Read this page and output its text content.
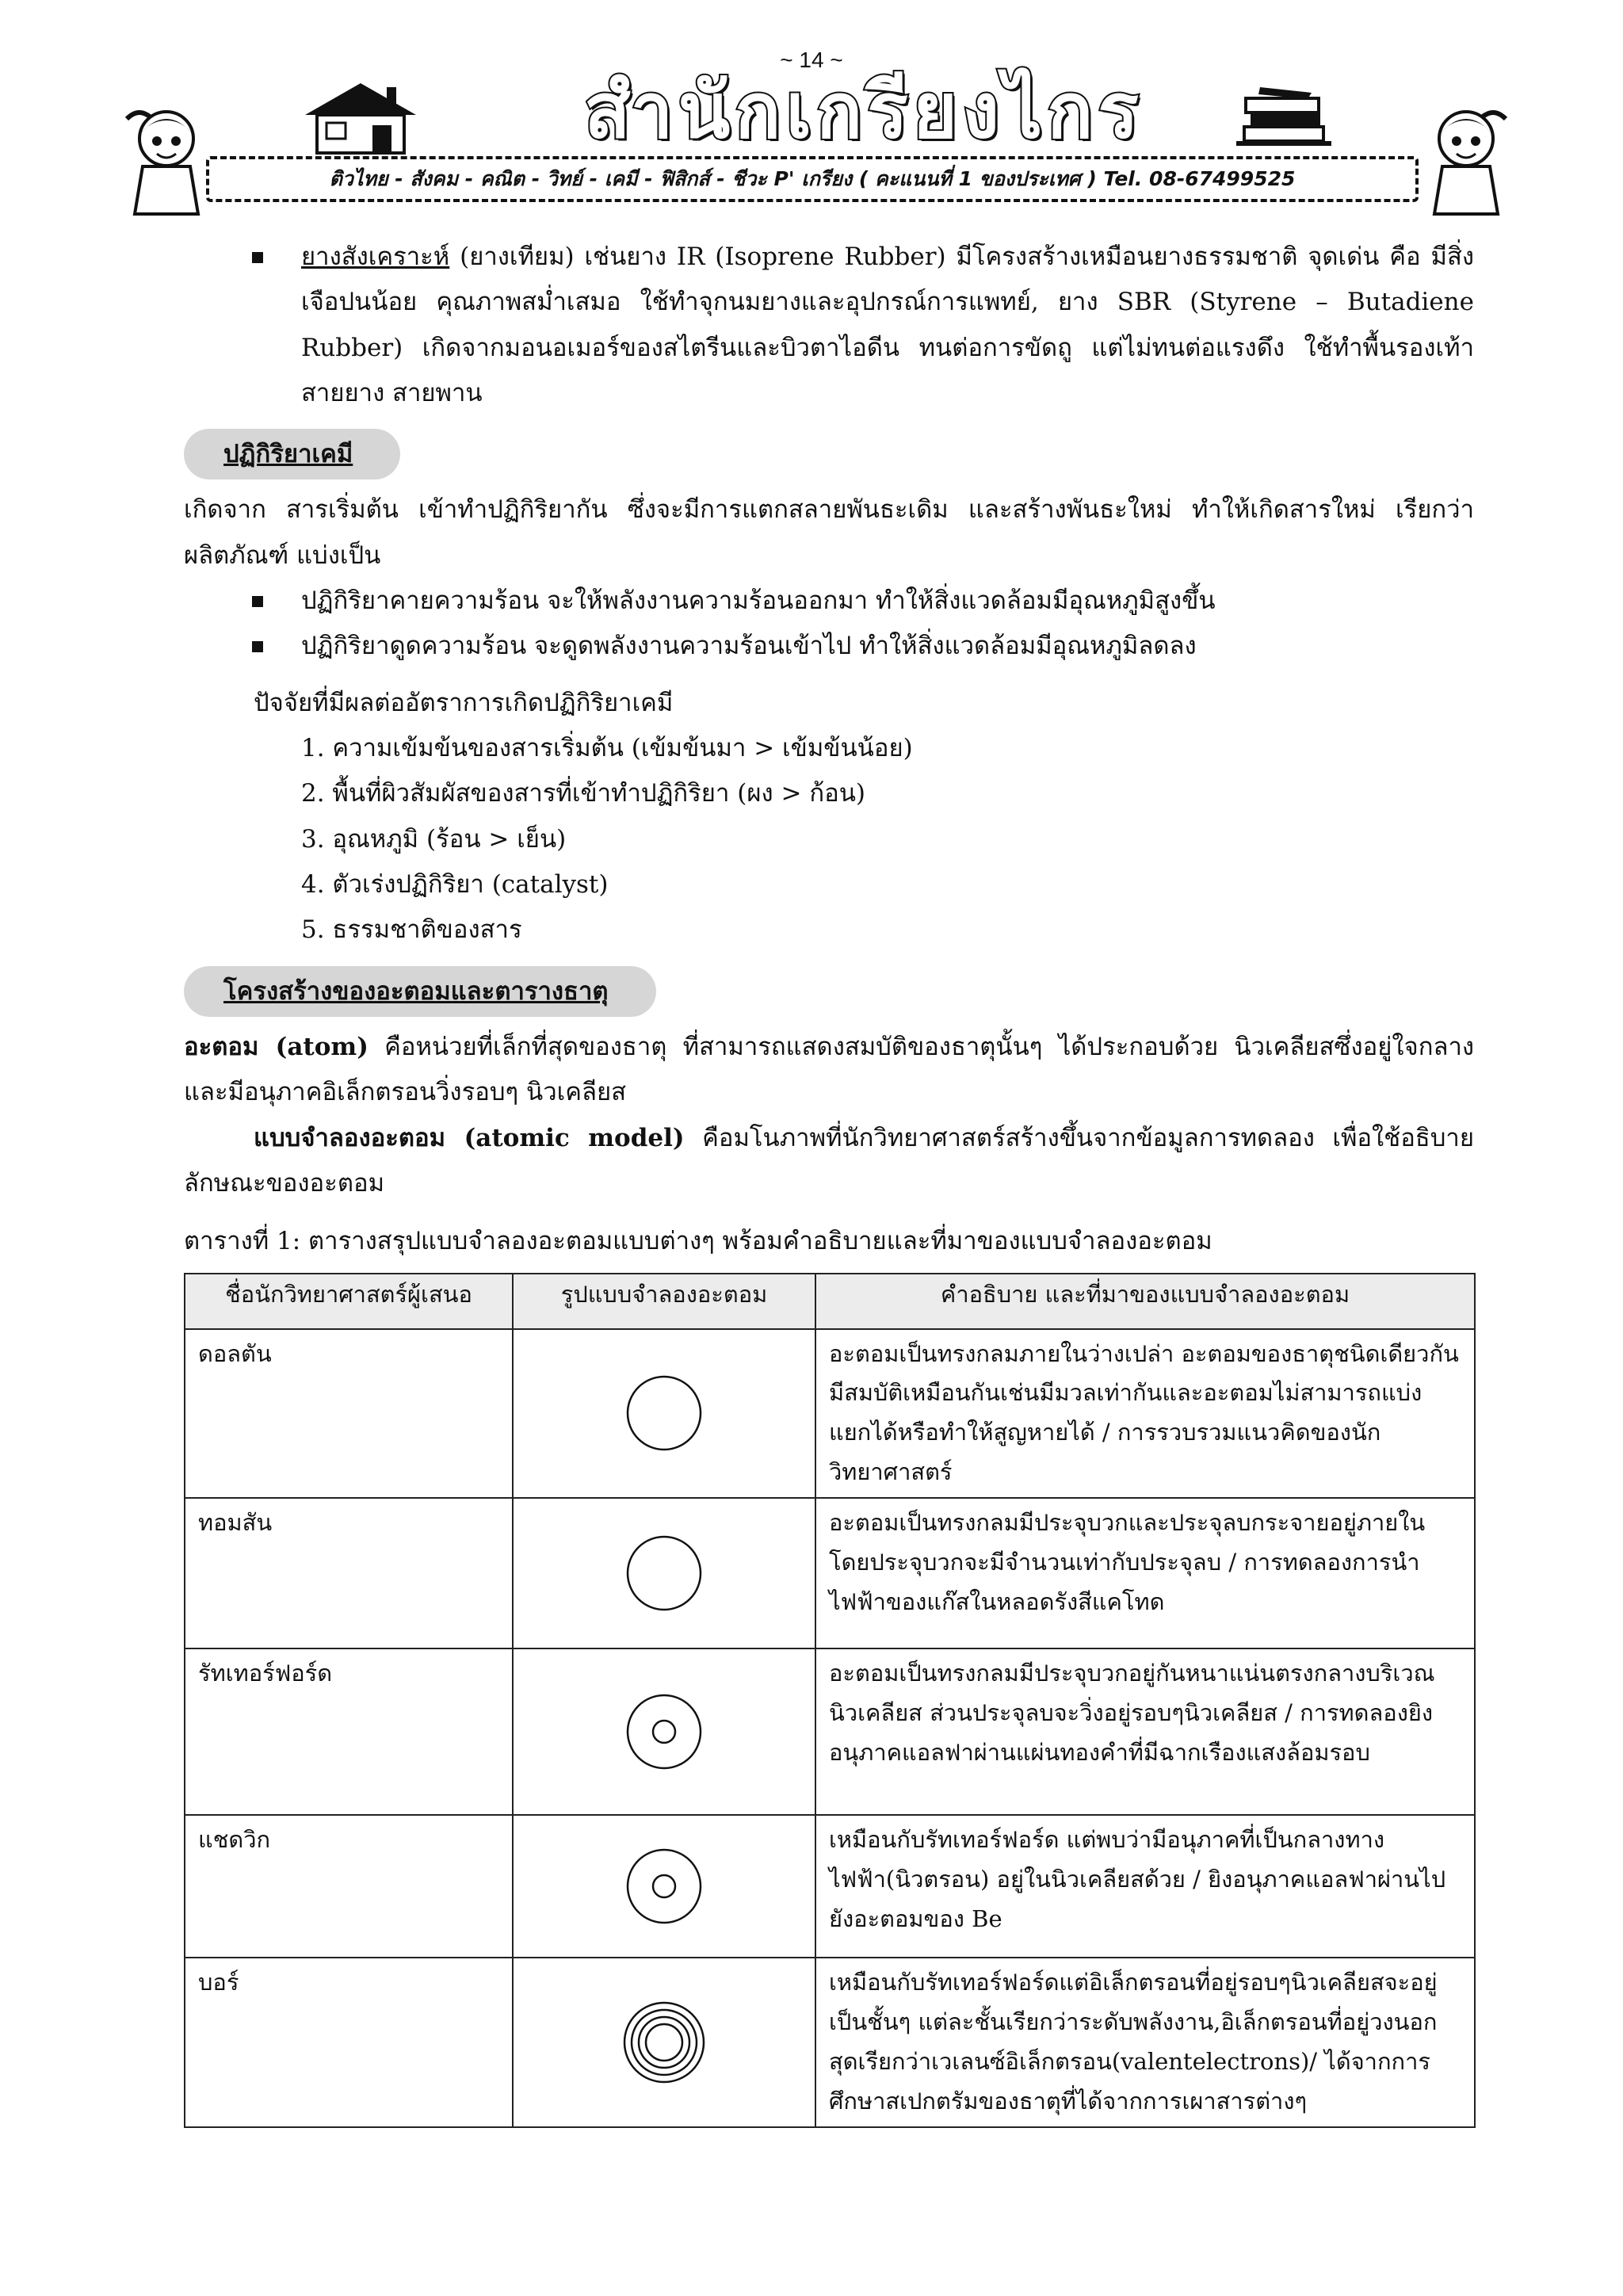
~ 14 ~
สำนักเกรียงไกร
ติวไทย - สังคม - คณิต - วิทย์ - เคมี - ฟิสิกส์ - ชีวะ P' เกรียง ( คะแนนที่ 1 ของประเทศ ) Tel. 08-67499525

ยางสังเคราะห์ (ยางเทียม) เช่นยาง IR (Isoprene Rubber) มีโครงสร้างเหมือนยางธรรมชาติ จุดเด่น คือ มีสิ่งเจือปนน้อย คุณภาพสม่ำเสมอ ใช้ทำจุกนมยางและอุปกรณ์การแพทย์, ยาง SBR (Styrene – Butadiene Rubber) เกิดจากมอนอเมอร์ของสไตรีนและบิวตาไอดีน ทนต่อการขัดถู แต่ไม่ทนต่อแรงดึง ใช้ทำพื้นรองเท้า สายยาง สายพาน

ปฏิกิริยาเคมี

เกิดจาก สารเริ่มต้น เข้าทำปฏิกิริยากัน ซึ่งจะมีการแตกสลายพันธะเดิม และสร้างพันธะใหม่ ทำให้เกิดสารใหม่ เรียกว่า ผลิตภัณฑ์ แบ่งเป็น

ปฏิกิริยาคายความร้อน จะให้พลังงานความร้อนออกมา ทำให้สิ่งแวดล้อมมีอุณหภูมิสูงขึ้น

ปฏิกิริยาดูดความร้อน จะดูดพลังงานความร้อนเข้าไป ทำให้สิ่งแวดล้อมมีอุณหภูมิลดลง

ปัจจัยที่มีผลต่ออัตราการเกิดปฏิกิริยาเคมี

1. ความเข้มข้นของสารเริ่มต้น (เข้มข้นมา > เข้มข้นน้อย)
2. พื้นที่ผิวสัมผัสของสารที่เข้าทำปฏิกิริยา (ผง > ก้อน)
3. อุณหภูมิ (ร้อน > เย็น)
4. ตัวเร่งปฏิกิริยา (catalyst)
5. ธรรมชาติของสาร
โครงสร้างของอะตอมและตารางธาตุ

อะตอม (atom) คือหน่วยที่เล็กที่สุดของธาตุ ที่สามารถแสดงสมบัติของธาตุนั้นๆ ได้ประกอบด้วย นิวเคลียสซึ่งอยู่ใจกลาง และมีอนุภาคอิเล็กตรอนวิ่งรอบๆ นิวเคลียส

แบบจำลองอะตอม (atomic model) คือมโนภาพที่นักวิทยาศาสตร์สร้างขึ้นจากข้อมูลการทดลอง เพื่อใช้อธิบายลักษณะของอะตอม

ตารางที่ 1: ตารางสรุปแบบจำลองอะตอมแบบต่างๆ พร้อมคำอธิบายและที่มาของแบบจำลองอะตอม

ชื่อนักวิทยาศาสตร์ผู้เสนอ	รูปแบบจำลองอะตอม	คำอธิบาย และที่มาของแบบจำลองอะตอม
ดอลตัน		อะตอมเป็นทรงกลมภายในว่างเปล่า อะตอมของธาตุชนิดเดียวกันมีสมบัติเหมือนกันเช่นมีมวลเท่ากันและอะตอมไม่สามารถแบ่งแยกได้หรือทำให้สูญหายได้ / การรวบรวมแนวคิดของนักวิทยาศาสตร์
ทอมสัน		อะตอมเป็นทรงกลมมีประจุบวกและประจุลบกระจายอยู่ภายในโดยประจุบวกจะมีจำนวนเท่ากับประจุลบ / การทดลองการนำไฟฟ้าของแก๊สในหลอดรังสีแคโทด
รัทเทอร์ฟอร์ด		อะตอมเป็นทรงกลมมีประจุบวกอยู่กันหนาแน่นตรงกลางบริเวณนิวเคลียส ส่วนประจุลบจะวิ่งอยู่รอบๆนิวเคลียส / การทดลองยิงอนุภาคแอลฟาผ่านแผ่นทองคำที่มีฉากเรืองแสงล้อมรอบ
แชดวิก		เหมือนกับรัทเทอร์ฟอร์ด แต่พบว่ามีอนุภาคที่เป็นกลางทางไฟฟ้า(นิวตรอน) อยู่ในนิวเคลียสด้วย / ยิงอนุภาคแอลฟาผ่านไปยังอะตอมของ Be
บอร์		เหมือนกับรัทเทอร์ฟอร์ดแต่อิเล็กตรอนที่อยู่รอบๆนิวเคลียสจะอยู่เป็นชั้นๆ แต่ละชั้นเรียกว่าระดับพลังงาน,อิเล็กตรอนที่อยู่วงนอกสุดเรียกว่าเวเลนซ์อิเล็กตรอน(valentelectrons)/ ได้จากการศึกษาสเปกตรัมของธาตุที่ได้จากการเผาสารต่างๆ
